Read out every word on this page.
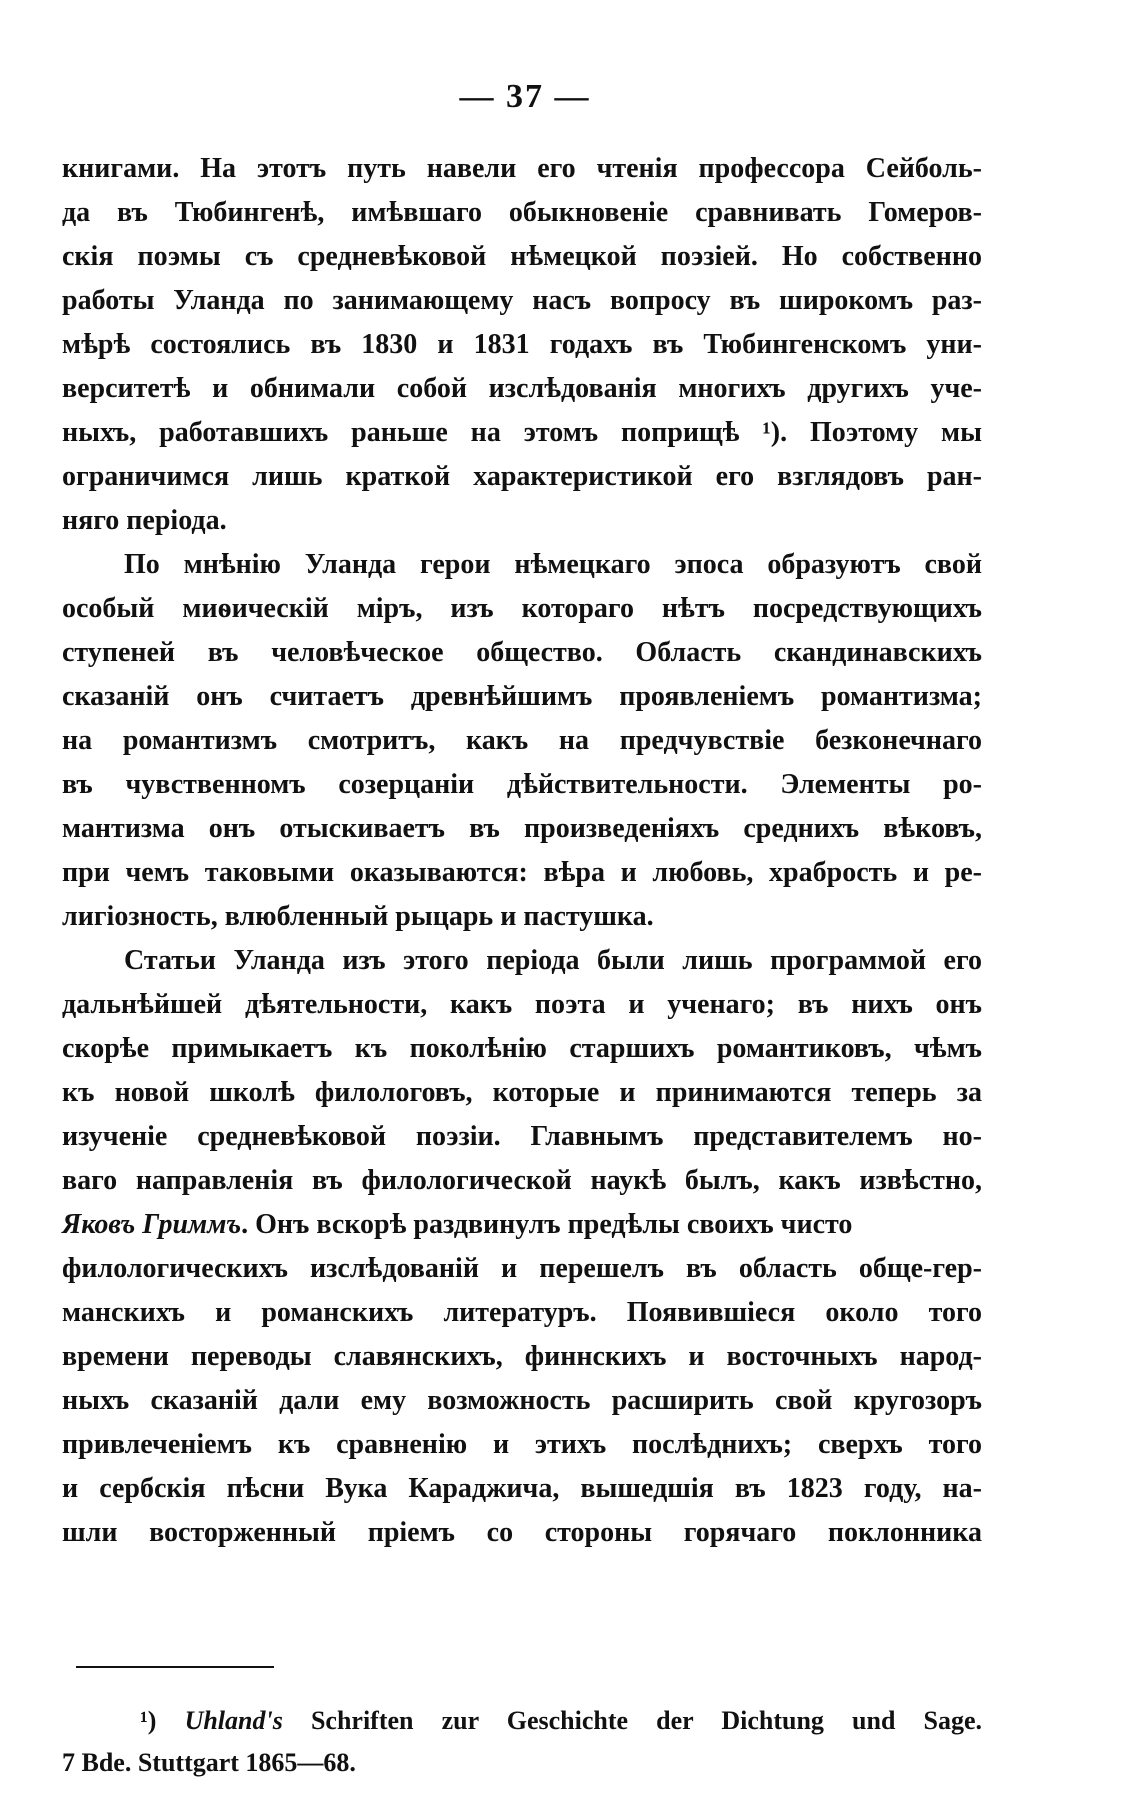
— 37 —
книгами. На этотъ путь навели его чтенія профессора Сейболь-
да въ Тюбингенѣ, имѣвшаго обыкновеніе сравнивать Гомеров-
скія поэмы съ средневѣковой нѣмецкой поэзіей. Но собственно
работы Уланда по занимающему насъ вопросу въ широкомъ раз-
мѣрѣ состоялись въ 1830 и 1831 годахъ въ Тюбингенскомъ уни-
верситетѣ и обнимали собой изслѣдованія многихъ другихъ уче-
ныхъ, работавшихъ раньше на этомъ поприщѣ ¹). Поэтому мы
ограничимся лишь краткой характеристикой его взглядовъ ран-
няго періода.
По мнѣнію Уланда герои нѣмецкаго эпоса образуютъ свой
особый миѳическій міръ, изъ котораго нѣтъ посредствующихъ
ступеней въ человѣческое общество. Область скандинавскихъ
сказаній онъ считаетъ древнѣйшимъ проявленіемъ романтизма;
на романтизмъ смотритъ, какъ на предчувствіе безконечнаго
въ чувственномъ созерцаніи дѣйствительности. Элементы ро-
мантизма онъ отыскиваетъ въ произведеніяхъ среднихъ вѣковъ,
при чемъ таковыми оказываются: вѣра и любовь, храбрость и ре-
лигіозность, влюбленный рыцарь и пастушка.
Статьи Уланда изъ этого періода были лишь программой его
дальнѣйшей дѣятельности, какъ поэта и ученаго; въ нихъ онъ
скорѣе примыкаетъ къ поколѣнію старшихъ романтиковъ, чѣмъ
къ новой школѣ филологовъ, которые и принимаются теперь за
изученіе средневѣковой поэзіи. Главнымъ представителемъ но-
ваго направленія въ филологической наукѣ былъ, какъ извѣстно,
Яковъ Гриммъ. Онъ вскорѣ раздвинулъ предѣлы своихъ чисто
филологическихъ изслѣдованій и перешелъ въ область обще-гер-
манскихъ и романскихъ литературъ. Появившіеся около того
времени переводы славянскихъ, финнскихъ и восточныхъ народ-
ныхъ сказаній дали ему возможность расширить свой кругозоръ
привлеченіемъ къ сравненію и этихъ послѣднихъ; сверхъ того
и сербскія пѣсни Вука Караджича, вышедшія въ 1823 году, на-
шли восторженный пріемъ со стороны горячаго поклонника
¹) Uhland's Schriften zur Geschichte der Dichtung und Sage.
7 Bde. Stuttgart 1865—68.
